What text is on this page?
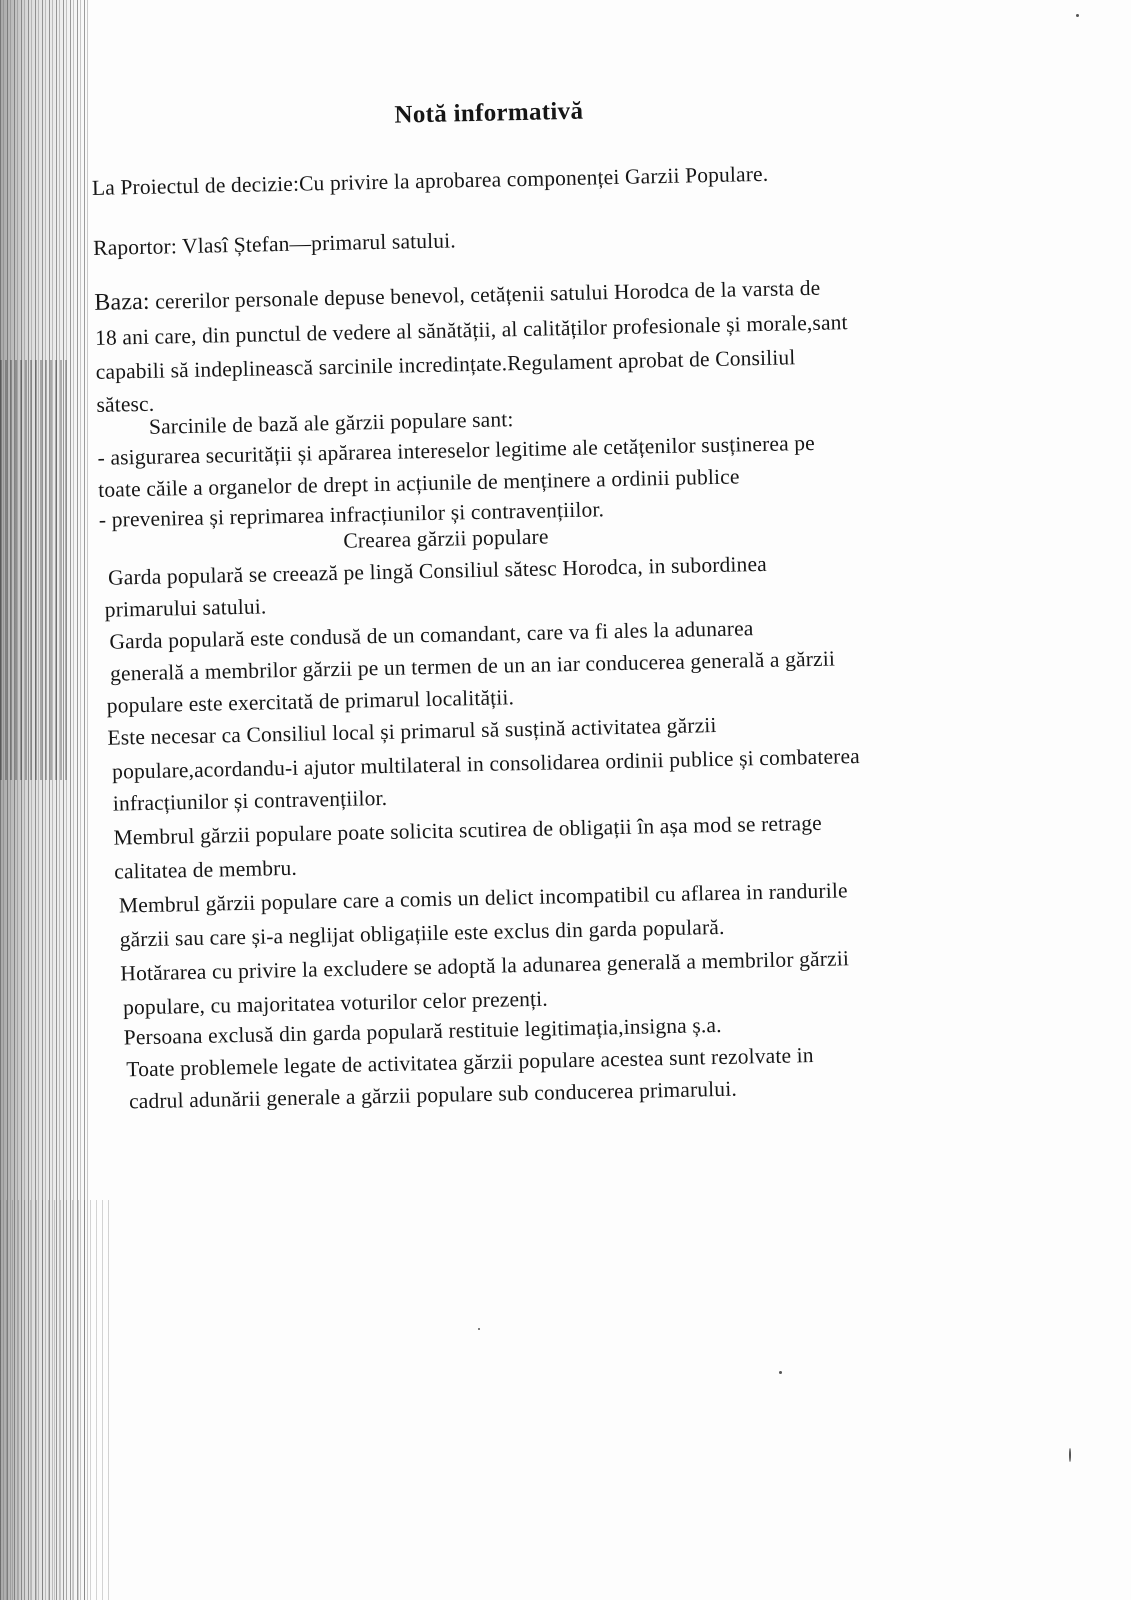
Notă informativă
La Proiectul de decizie:Cu privire la aprobarea componenței Garzii Populare.
Raportor: Vlasî Ștefan—primarul satului.
Baza: cererilor personale depuse benevol, cetățenii satului Horodca de la varsta de
18 ani care, din punctul de vedere al sănătății, al calităților profesionale și morale,sant
capabili să indeplinească sarcinile incredințate.Regulament aprobat de Consiliul
sătesc.
Sarcinile de bază ale gărzii populare sant:
- asigurarea securității și apărarea intereselor legitime ale cetățenilor susținerea pe
toate căile a organelor de drept in acțiunile de menținere a ordinii publice
- prevenirea și reprimarea infracțiunilor și contravențiilor.
Crearea gărzii populare
Garda populară se creează pe lingă Consiliul sătesc Horodca, in subordinea
primarului satului.
Garda populară este condusă de un comandant, care va fi ales la adunarea
generală a membrilor gărzii pe un termen de un an iar conducerea generală a gărzii
populare este exercitată de primarul localității.
Este necesar ca Consiliul local și primarul să susțină activitatea gărzii
populare,acordandu-i ajutor multilateral in consolidarea ordinii publice și combaterea
infracțiunilor și contravențiilor.
Membrul gărzii populare poate solicita scutirea de obligații în așa mod se retrage
calitatea de membru.
Membrul gărzii populare care a comis un delict incompatibil cu aflarea in randurile
gărzii sau care și-a neglijat obligațiile este exclus din garda populară.
Hotărarea cu privire la excludere se adoptă la adunarea generală a membrilor gărzii
populare, cu majoritatea voturilor celor prezenți.
Persoana exclusă din garda populară restituie legitimația,insigna ș.a.
Toate problemele legate de activitatea gărzii populare acestea sunt rezolvate in
cadrul adunării generale a gărzii populare sub conducerea primarului.
